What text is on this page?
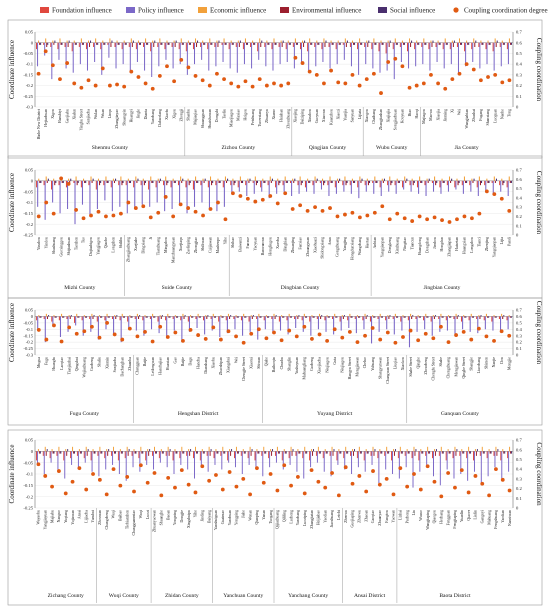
Foundation influence	Policy influence	Economic influence	Environmental influence	Social influence	Coupling coordination degree
0.05
0
-0.05
-0.1
-0.15
-0.2
-0.25
-0.3
0.7
0.6
0.5
0.4
0.3
0.2
0.1
0
Coordinate influence	Coupling coordination
Binhe New District Hejiachuan Xigou Hanshiyi Gaojiabu Xialun Yinghu Street Sunjiacha Wulan Wuan Linqu Zhangjiayao Shuangyin Huangyi Jingle Dianta Yanchang Dabaodang Xiaofu Xigou Zhongji Shanhu Majiaqiao Shuangguan Huaishuwan Dongshi Taoliu Miaojiagou Maxiao Heigou Peizhuang Tuoerxiang Zhuanyu Xiamo Huishan Zhouzhuang Xiaojing Daiziping Xinzhou Guoyuan Xiaocun Kuanzhou Xiaozi Yuanjia Sanyuan Lijiata Xiaogou Chaibang Zhangjiashan Xiajiajia Songjiachuan Kouyuan Biao Haoqi Majiagou Maowu Xiaojia Jinming Xi Wei Wangjiabian Zhuzhai Fugang Shanxiang Luoguan Nanhe Tong
Shenmu County	Zizhou County	Qingjian County	Wubu County	Jia County
0.05
0
-0.05
-0.1
-0.15
-0.2
-0.25
0.7
0.6
0.5
0.4
0.3
0.2
0.1
0
Coordinate influence	Coupling coordination
Yinzhou Yindou Shazhuang Guoxinggou Shijiazhuan Taozhen Tuo Dujiashigou Yangjiagou Qiaohe Longzhen Shilihu Zhangjiazhuang Xuejiahe Dingxiang Ji Tianzhuang Mingzhou Manzhuangyuan Xuejiaqu Zaolinping Zhongjiao Shiliwan Cuijiawan Mazhenpo Yihe Shibao Baiwanzi Fanxue Yaoyuan Banwancun Hongliugou Xuecha Dingbian Zhuanjing Fanxiao Zhuangyuan Xiaohuazi Shidongxiang Ansu Gongzhuang Yangjing Hongdunxiang Wangchang Haotan Anbian Yangqiaopan Dongkeng Xinzhuang Ningtiao Tiancun Huangdong Dongzhan Jiezhou Hongdun Zhangjiapan Haizetan Huangxian Longzhou Tianci Zhenjing Yangqiaopan Lijia Pandi
Mizhi County	Suide County	Dingbian County	Jingbian County
0.05
0
-0.05
-0.1
-0.15
-0.2
-0.25
-0.3
0.7
0.6
0.5
0.4
0.3
0.2
0.1
0
Coordinate influence	Coupling coordination
Mugua Fugu Huangfu Laoqiao Tianjiazhai Qingshui Wujiazhuang Gucheng Shaliu Xinmin Sunjiacha Dachanghan Zhuanba Chengguan Baijie Leilongwan Hanchajiao Huaxian Gao Baijie Dagu Hancha Dianshang Xiaobu Zhaoshipan Xiangshui Wei Chengjie Street Xiaorui Shiwan Qiahe Bailuoqin Chunhu Shanglin Yushuyuan Mahuangliang Gucheng Xiaojiacha Niujiagou Guta Niujiagou Hangyu Street Mengjiawan Cheluo Yuhuang Shangyunwan Changwan Street Liuqiao Xiaokou Shahe Street Qinghe Zhoucheng Chengfu Street Shahe Chengzhuang Mengjiawan Qinghe Street Shangjie Liaochang Shimen Nanjie Dou Mengjie
Fugu County	Hengshan District	Yuyang District	Ganquan County
0.05
0
-0.05
-0.1
-0.15
-0.2
-0.25
0.7
0.6
0.5
0.4
0.3
0.2
0.1
0
Coordinate influence	Coupling coordination
Wayaobu Yangjiayuan Majiabu Nanguo Yuqiang Yujiawan Ansai Lijiacha Yanshui Zhouwan Changcheng Wuqi Baibao Tiebianzhen Changguanmiao Wuqi Luozi Zhuanyaowan Shuanghe Baoan Yongning Dongjie Xingshuipu Yihe Jinding Baiyang Yanshuiguan Guaimao Yanchuan Yongping Jiahe Wenan Qianping Yanan Tuogang Qijiazhuang Qililing Lucheng Yanchang Luoziping Zhangjiatan Heijiabao Yaodian Jiaozhuang Leichi Zhenwu Guojiaping Zhenwu Zhaoan Gaoqiao Zhuanyao Fangtou Yaowan Lizhai Pucheng Liu Wusuo Wangjiaping Qiaogou Hechang Fengguan Fengjiaping Yuanlin Qiaoer Liulin Ganguyi Mahuang Fengshuang Yaodian Nanniwan
Zichang County	Wuqi County	Zhidan County	Yanchuan County	Yanchang County	Ansai District	Baota District
